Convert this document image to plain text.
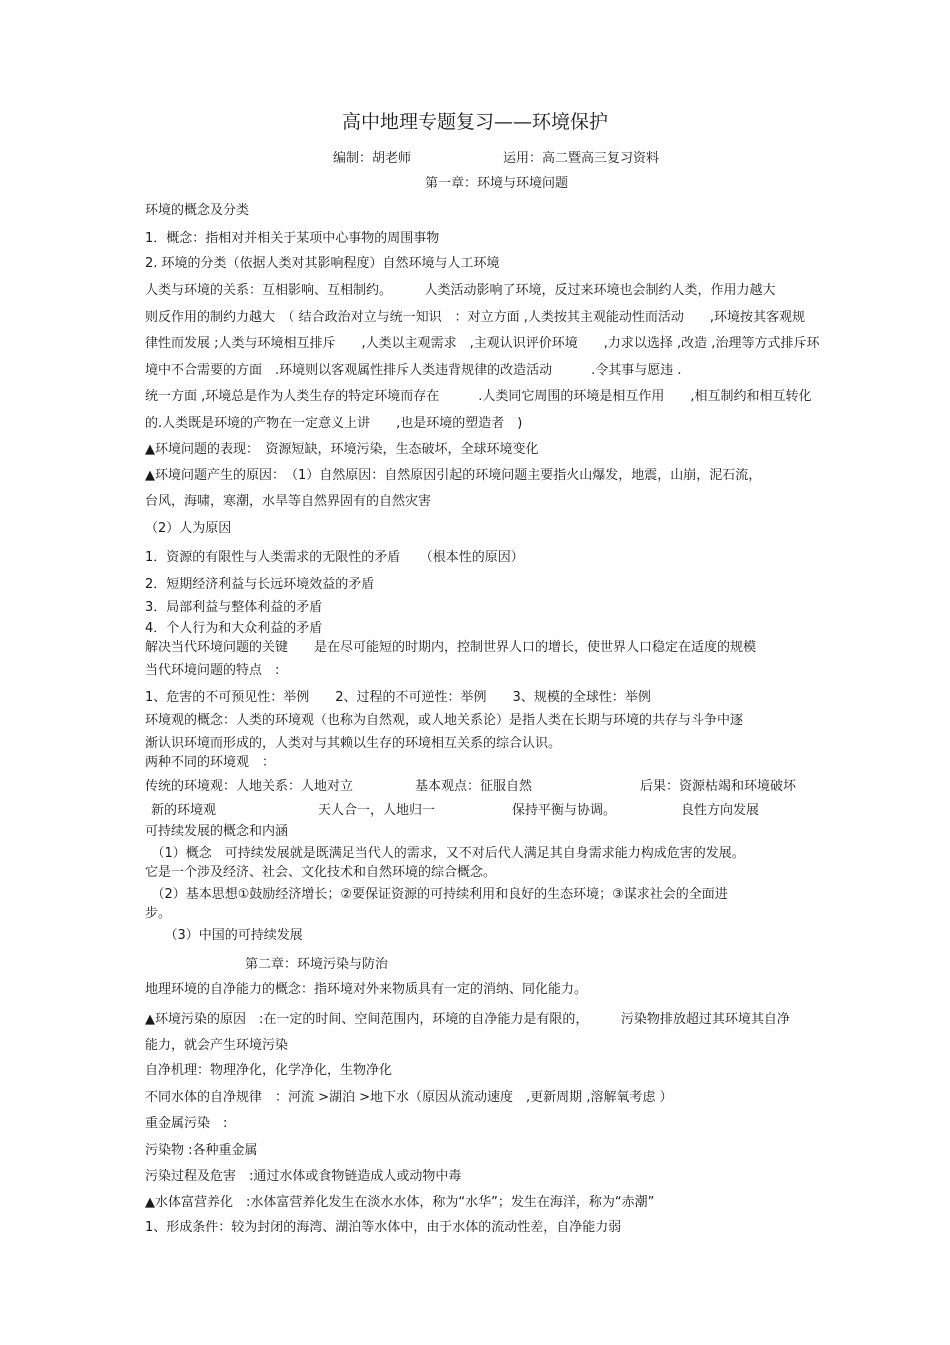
高中地理专题复习——环境保护
编制：胡老师	运用：高二暨高三复习资料
第一章：环境与环境问题
环境的概念及分类
1．概念：指相对并相关于某项中心事物的周围事物
2. 环境的分类（依据人类对其影响程度）自然环境与人工环境
人类与环境的关系：互相影响、互相制约。　　　人类活动影响了环境，反过来环境也会制约人类，作用力越大
则反作用的制约力越大　（ 结合政治对立与统一知识　：对立方面 ,人类按其主观能动性而活动　　,环境按其客观规
律性而发展 ;人类与环境相互排斥　　,人类以主观需求　,主观认识评价环境　　,力求以选择 ,改造 ,治理等方式排斥环
境中不合需要的方面　.环境则以客观属性排斥人类违背规律的改造活动　　　.令其事与愿违 .
统一方面 ,环境总是作为人类生存的特定环境而存在　　　.人类同它周围的环境是相互作用　　,相互制约和相互转化
的.人类既是环境的产物在一定意义上讲　　,也是环境的塑造者　)
▲环境问题的表现：　资源短缺，环境污染，生态破坏，全球环境变化
▲环境问题产生的原因：　（1）自然原因：自然原因引起的环境问题主要指火山爆发，地震，山崩，泥石流，
台风，海啸，寒潮，水旱等自然界固有的自然灾害
（2）人为原因
1．资源的有限性与人类需求的无限性的矛盾　　（根本性的原因）
2．短期经济利益与长远环境效益的矛盾
3．局部利益与整体利益的矛盾
4．个人行为和大众利益的矛盾
解决当代环境问题的关键　　是在尽可能短的时期内，控制世界人口的增长，使世界人口稳定在适度的规模
当代环境问题的特点　:
1、危害的不可预见性：举例　　2、过程的不可逆性：举例　　3、规模的全球性：举例
环境观的概念：人类的环境观（也称为自然观，或人地关系论）是指人类在长期与环境的共存与斗争中逐
渐认识环境而形成的，人类对与其赖以生存的环境相互关系的综合认识。
两种不同的环境观　：
传统的环境观：人地关系：人地对立	基本观点：征服自然	后果：资源枯竭和环境破坏
新的环境观	天人合一，人地归一	保持平衡与协调。	良性方向发展
可持续发展的概念和内涵
　（1）概念　可持续发展就是既满足当代人的需求，又不对后代人满足其自身需求能力构成危害的发展。
它是一个涉及经济、社会、文化技术和自然环境的综合概念。
　（2）基本思想①鼓励经济增长；②要保证资源的可持续利用和良好的生态环境；③谋求社会的全面进
步。
　　（3）中国的可持续发展
第二章：环境污染与防治
地理环境的自净能力的概念：指环境对外来物质具有一定的消纳、同化能力。
▲环境污染的原因　:在一定的时间、空间范围内，环境的自净能力是有限的，　　　污染物排放超过其环境其自净
能力，就会产生环境污染
自净机理：物理净化，化学净化，生物净化
不同水体的自净规律　：河流 >湖泊 >地下水（原因从流动速度　,更新周期 ,溶解氧考虑 ）
重金属污染　:
污染物 :各种重金属
污染过程及危害　:通过水体或食物链造成人或动物中毒
▲水体富营养化　:水体富营养化发生在淡水水体，称为“水华”；发生在海洋，称为“赤潮”
1、形成条件：较为封闭的海湾、湖泊等水体中，由于水体的流动性差，自净能力弱
